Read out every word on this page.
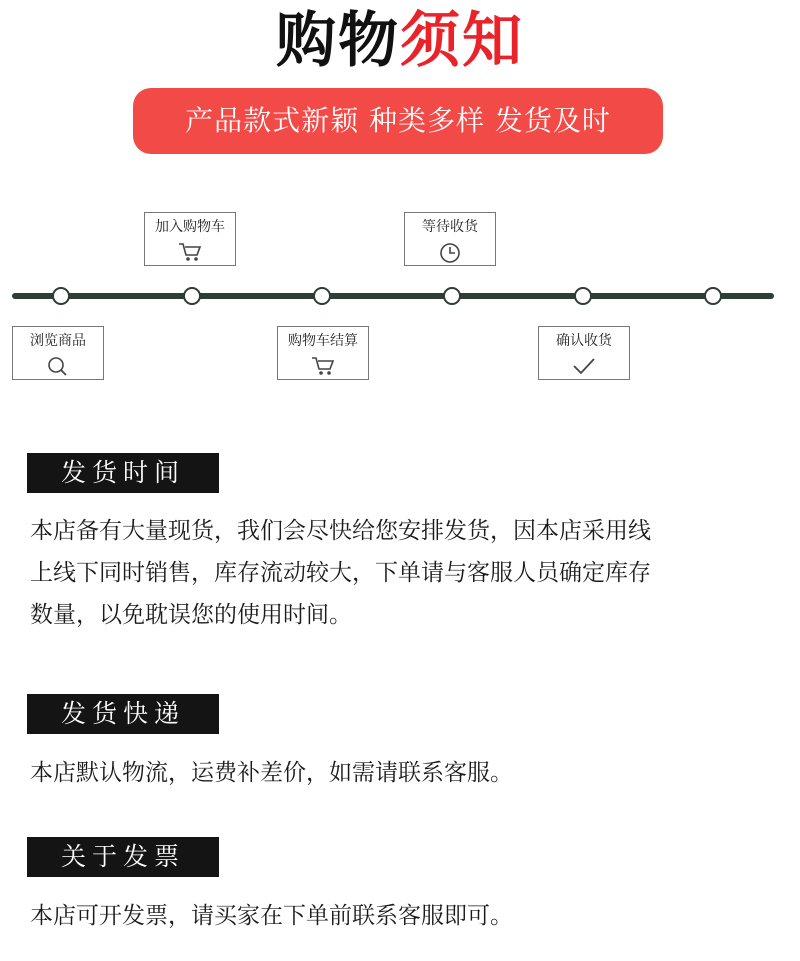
购物须知
产品款式新颖 种类多样 发货及时
加入购物车	等待收货
浏览商品	购物车结算	确认收货
发货时间
本店备有大量现货，我们会尽快给您安排发货，因本店采用线
上线下同时销售，库存流动较大，下单请与客服人员确定库存
数量，以免耽误您的使用时间。
发货快递
本店默认物流，运费补差价，如需请联系客服。
关于发票
本店可开发票，请买家在下单前联系客服即可。
